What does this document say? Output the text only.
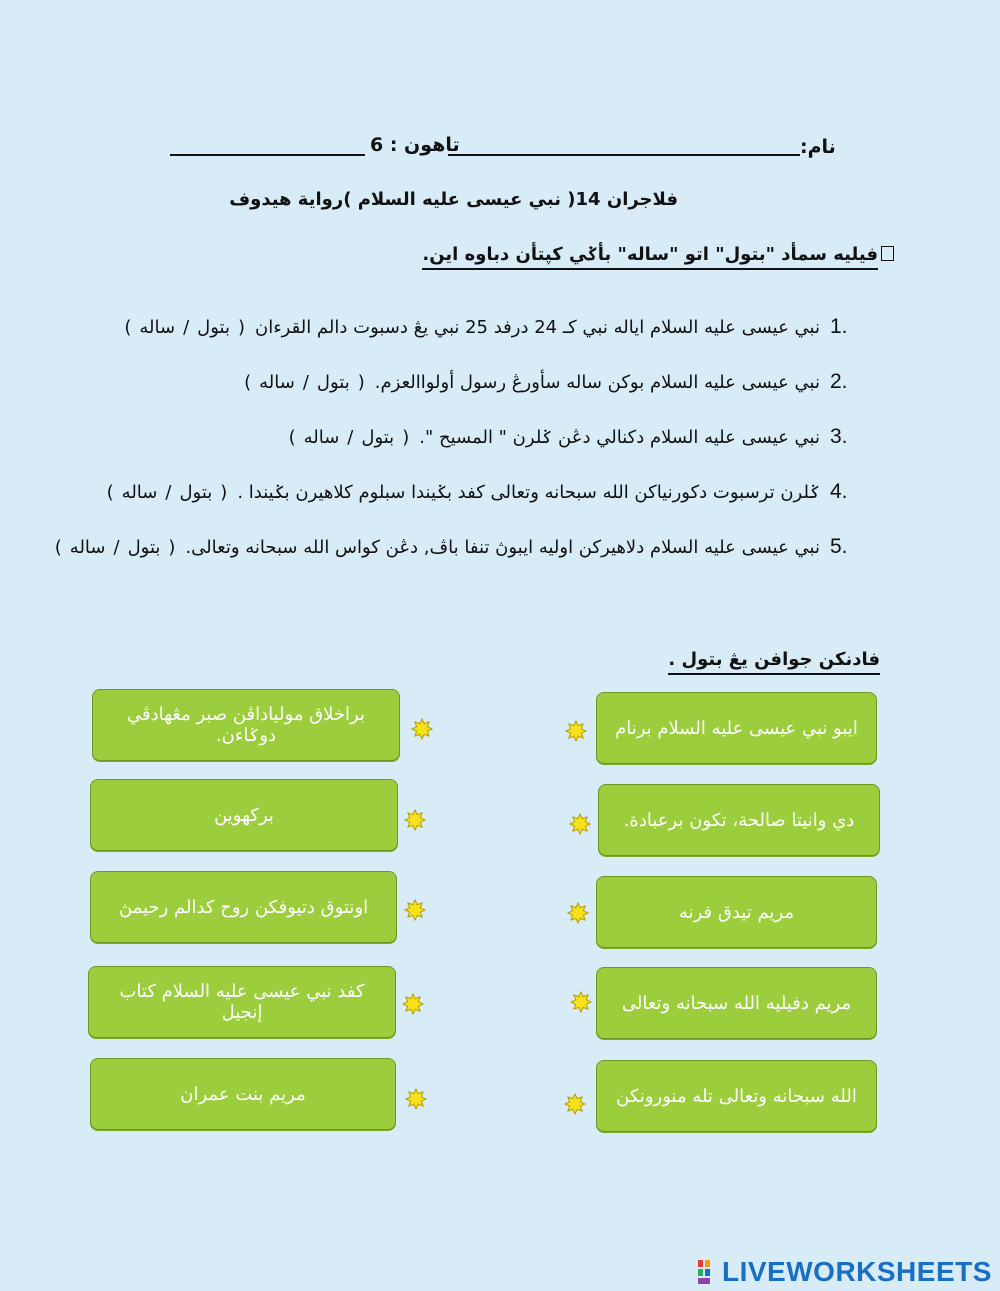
نام:
تاهون : 6
فلاجران 14( نبي عيسى عليه السلام )رواية هيدوف
فيليه سمأد "بتول" اتو "ساله" بأݢي كپتأن دباوه اين.
1.
نبي عيسى عليه السلام اياله نبي كـ 24 درفد 25 نبي يڠ دسبوت دالم القرءان
(
بتول
/
ساله
)
2.
نبي عيسى عليه السلام بوكن ساله سأورڠ رسول أولواالعزم.
(
بتول
/
ساله
)
3.
نبي عيسى عليه السلام دكنالي دڠن ݢلرن " المسيح ".
(
بتول
/
ساله
)
4.
ݢلرن ترسبوت دكورنياكن الله سبحانه وتعالى كفد بݢيندا سبلوم كلاهيرن بݢيندا .
(
بتول
/
ساله
)
5.
نبي عيسى عليه السلام دلاهيركن اوليه ايبوڽ تنفا باڤ, دڠن كواس الله سبحانه وتعالى.
(
بتول
/
ساله
)
فادنكن جوافن يڠ بتول .
براخلاق مولياداڤن صبر مڠهادڤي دوݢاءن.
بركهوين
اونتوق دتيوفكن روح كدالم رحيمڽ
كفد نبي عيسى عليه السلام كتاب إنجيل
مريم بنت عمران
ايبو نبي عيسى عليه السلام برنام
دي وانيتا صالحة، تكون برعبادة.
مريم تيدق فرنه
مريم دفيليه الله سبحانه وتعالى
الله سبحانه وتعالى تله منورونكن
LIVEWORKSHEETS
